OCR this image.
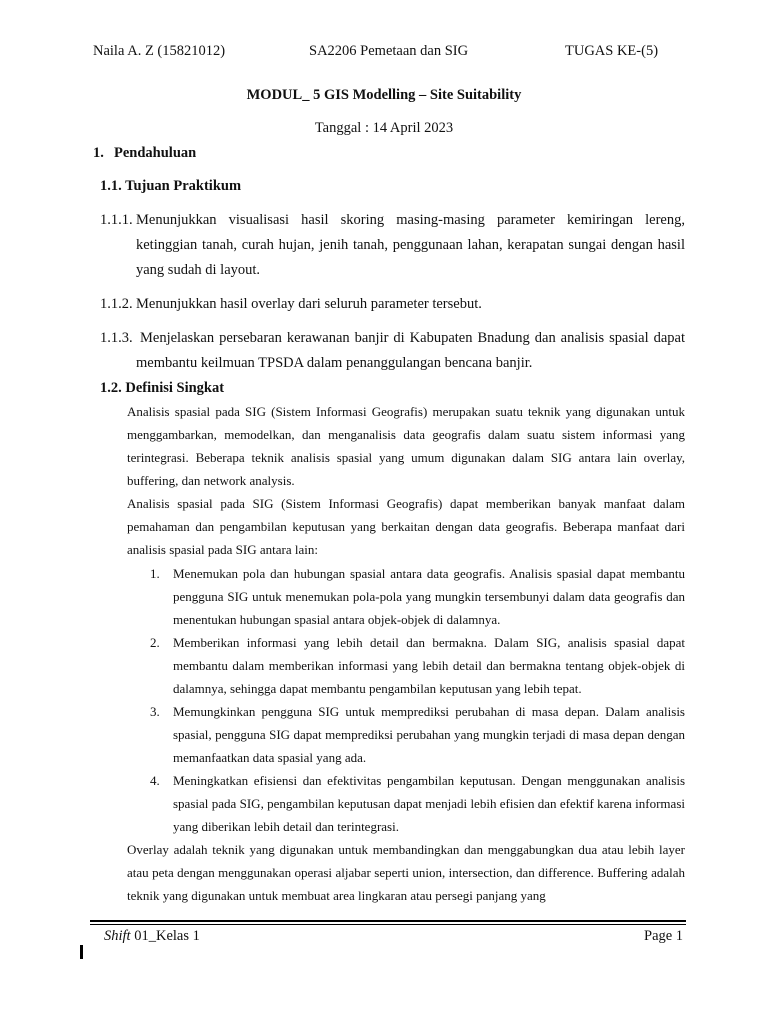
Naila A. Z (15821012)	SA2206 Pemetaan dan SIG	TUGAS KE-(5)
MODUL_ 5 GIS Modelling – Site Suitability
Tanggal : 14 April 2023
1. Pendahuluan
1.1. Tujuan Praktikum
1.1.1. Menunjukkan visualisasi hasil skoring masing-masing parameter kemiringan lereng, ketinggian tanah, curah hujan, jenih tanah, penggunaan lahan, kerapatan sungai dengan hasil yang sudah di layout.
1.1.2. Menunjukkan hasil overlay dari seluruh parameter tersebut.
1.1.3. Menjelaskan persebaran kerawanan banjir di Kabupaten Bnadung dan analisis spasial dapat membantu keilmuan TPSDA dalam penanggulangan bencana banjir.
1.2. Definisi Singkat
Analisis spasial pada SIG (Sistem Informasi Geografis) merupakan suatu teknik yang digunakan untuk menggambarkan, memodelkan, dan menganalisis data geografis dalam suatu sistem informasi yang terintegrasi. Beberapa teknik analisis spasial yang umum digunakan dalam SIG antara lain overlay, buffering, dan network analysis.
Analisis spasial pada SIG (Sistem Informasi Geografis) dapat memberikan banyak manfaat dalam pemahaman dan pengambilan keputusan yang berkaitan dengan data geografis. Beberapa manfaat dari analisis spasial pada SIG antara lain:
1. Menemukan pola dan hubungan spasial antara data geografis. Analisis spasial dapat membantu pengguna SIG untuk menemukan pola-pola yang mungkin tersembunyi dalam data geografis dan menentukan hubungan spasial antara objek-objek di dalamnya.
2. Memberikan informasi yang lebih detail dan bermakna. Dalam SIG, analisis spasial dapat membantu dalam memberikan informasi yang lebih detail dan bermakna tentang objek-objek di dalamnya, sehingga dapat membantu pengambilan keputusan yang lebih tepat.
3. Memungkinkan pengguna SIG untuk memprediksi perubahan di masa depan. Dalam analisis spasial, pengguna SIG dapat memprediksi perubahan yang mungkin terjadi di masa depan dengan memanfaatkan data spasial yang ada.
4. Meningkatkan efisiensi dan efektivitas pengambilan keputusan. Dengan menggunakan analisis spasial pada SIG, pengambilan keputusan dapat menjadi lebih efisien dan efektif karena informasi yang diberikan lebih detail dan terintegrasi.
Overlay adalah teknik yang digunakan untuk membandingkan dan menggabungkan dua atau lebih layer atau peta dengan menggunakan operasi aljabar seperti union, intersection, dan difference. Buffering adalah teknik yang digunakan untuk membuat area lingkaran atau persegi panjang yang
Shift 01_Kelas 1	Page 1
